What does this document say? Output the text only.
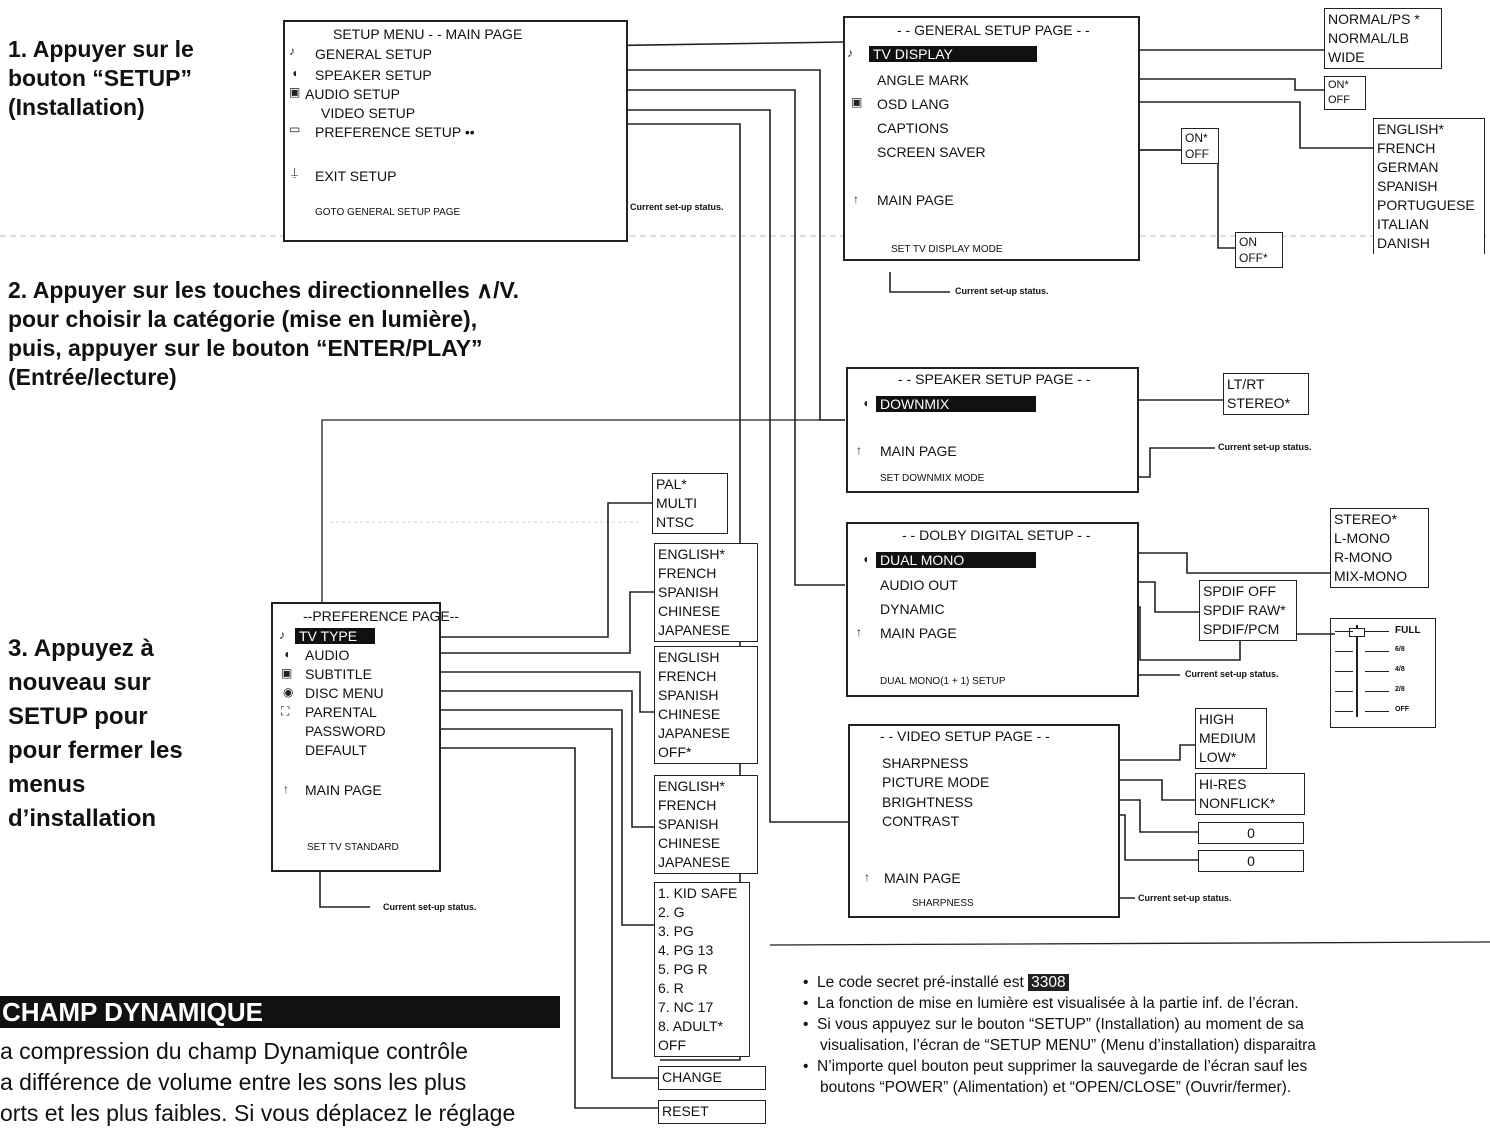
1. Appuyer sur le
bouton “SETUP”
(Installation)
2. Appuyer sur les touches directionnelles ∧/V.
pour choisir la catégorie (mise en lumière),
puis, appuyer sur le bouton “ENTER/PLAY”
(Entrée/lecture)
3. Appuyez à
nouveau sur
SETUP pour
pour fermer les
menus
d’installation
SETUP MENU - - MAIN PAGE
♪ GENERAL SETUP
◖ SPEAKER SETUP
▣ AUDIO SETUP
VIDEO SETUP
▭ PREFERENCE SETUP ••
⍊ EXIT SETUP
GOTO GENERAL SETUP PAGE	Current set-up status.
- - GENERAL SETUP PAGE - -
♪ TV DISPLAY
ANGLE MARK
▣ OSD LANG
CAPTIONS
SCREEN SAVER
↑ MAIN PAGE
SET TV DISPLAY MODE
Current set-up status.
NORMAL/PS *
NORMAL/LB
WIDE
ON*
OFF
ENGLISH*
FRENCH
GERMAN
SPANISH
PORTUGUESE
ITALIAN
DANISH
ON*
OFF
ON
OFF*
- - SPEAKER SETUP PAGE - -
◖ DOWNMIX
↑ MAIN PAGE
SET DOWNMIX MODE
LT/RT
STEREO*
Current set-up status.
- - DOLBY DIGITAL SETUP - -
◖ DUAL MONO
AUDIO OUT
DYNAMIC
↑ MAIN PAGE
DUAL MONO(1 + 1) SETUP
STEREO*
L-MONO
R-MONO
MIX-MONO
SPDIF OFF
SPDIF RAW*
SPDIF/PCM	FULL
6/8
4/8
2/8
OFF
Current set-up status.
- - VIDEO SETUP PAGE - -
SHARPNESS
PICTURE MODE
BRIGHTNESS
CONTRAST
↑ MAIN PAGE
SHARPNESS
HIGH
MEDIUM
LOW*
HI-RES
NONFLICK*
0
0
Current set-up status.
--PREFERENCE PAGE--
♪ TV TYPE
◖ AUDIO
▣ SUBTITLE
◉ DISC MENU
⛶ PARENTAL
PASSWORD
DEFAULT
↑ MAIN PAGE
SET TV STANDARD
Current set-up status.
PAL*
MULTI
NTSC
ENGLISH*
FRENCH
SPANISH
CHINESE
JAPANESE
ENGLISH
FRENCH
SPANISH
CHINESE
JAPANESE
OFF*
ENGLISH*
FRENCH
SPANISH
CHINESE
JAPANESE
1. KID SAFE
2. G
3. PG
4. PG 13
5. PG R
6. R
7. NC 17
8. ADULT*
OFF
CHANGE
RESET
CHAMP DYNAMIQUE
a compression du champ Dynamique contrôle
a différence de volume entre les sons les plus
orts et les plus faibles. Si vous déplacez le réglage
•  Le code secret pré-installé est 3308
•  La fonction de mise en lumière est visualisée à la partie inf. de l’écran.
•  Si vous appuyez sur le bouton “SETUP” (Installation) au moment de sa
visualisation, l’écran de “SETUP MENU” (Menu d’installation) disparaitra
•  N’importe quel bouton peut supprimer la sauvegarde de l’écran sauf les
boutons “POWER” (Alimentation) et “OPEN/CLOSE” (Ouvrir/fermer).
